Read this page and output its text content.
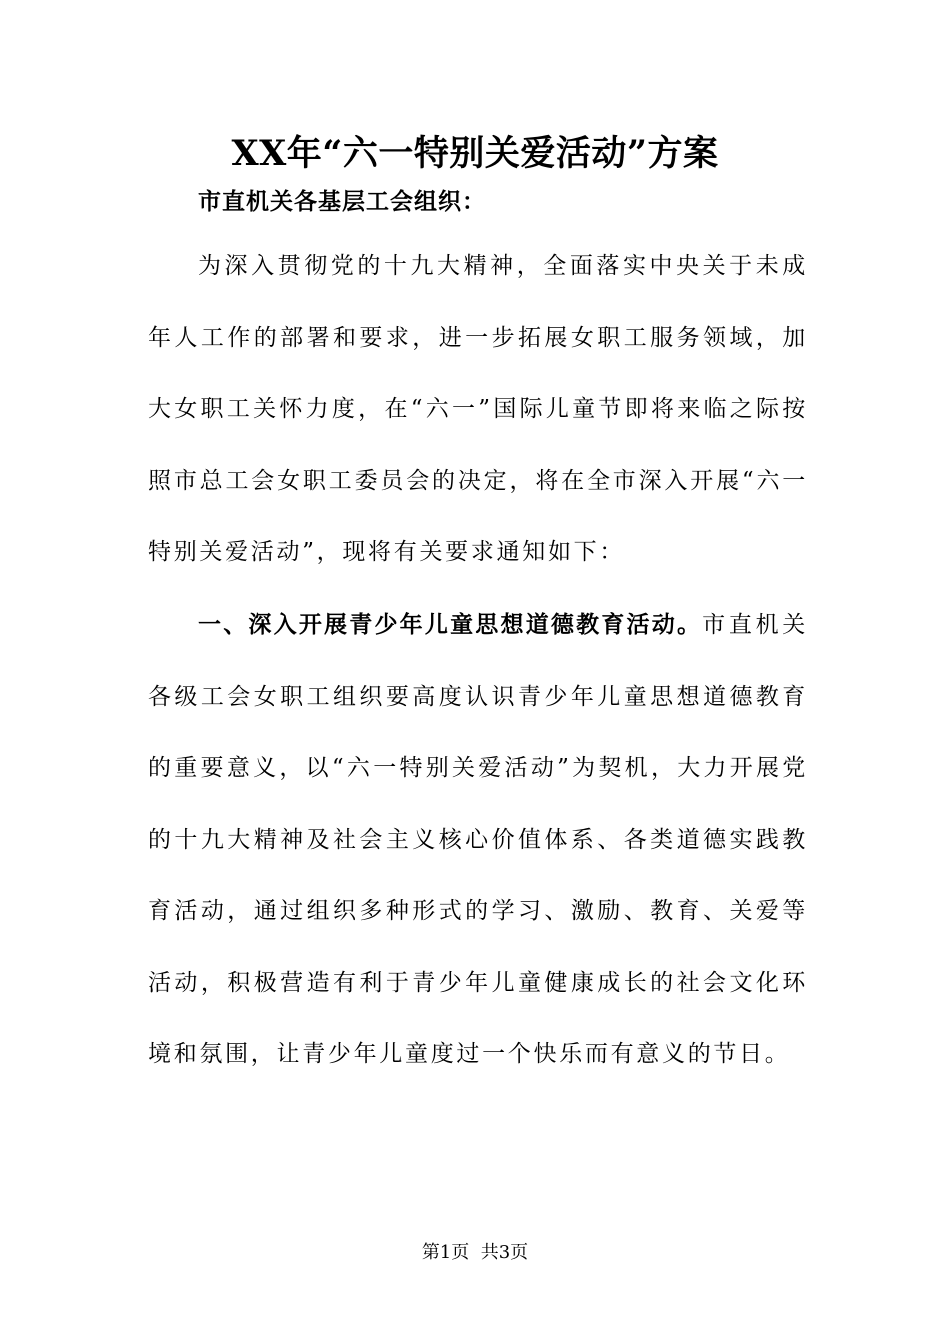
XX年“六一特别关爱活动”方案
市直机关各基层工会组织：
为深入贯彻党的十九大精神，全面落实中央关于未成年人工作的部署和要求，进一步拓展女职工服务领域，加大女职工关怀力度，在“六一”国际儿童节即将来临之际按照市总工会女职工委员会的决定，将在全市深入开展“六一特别关爱活动”，现将有关要求通知如下：
一、深入开展青少年儿童思想道德教育活动。市直机关各级工会女职工组织要高度认识青少年儿童思想道德教育的重要意义，以“六一特别关爱活动”为契机，大力开展党的十九大精神及社会主义核心价值体系、各类道德实践教育活动，通过组织多种形式的学习、激励、教育、关爱等活动，积极营造有利于青少年儿童健康成长的社会文化环境和氛围，让青少年儿童度过一个快乐而有意义的节日。
第1页 共3页
